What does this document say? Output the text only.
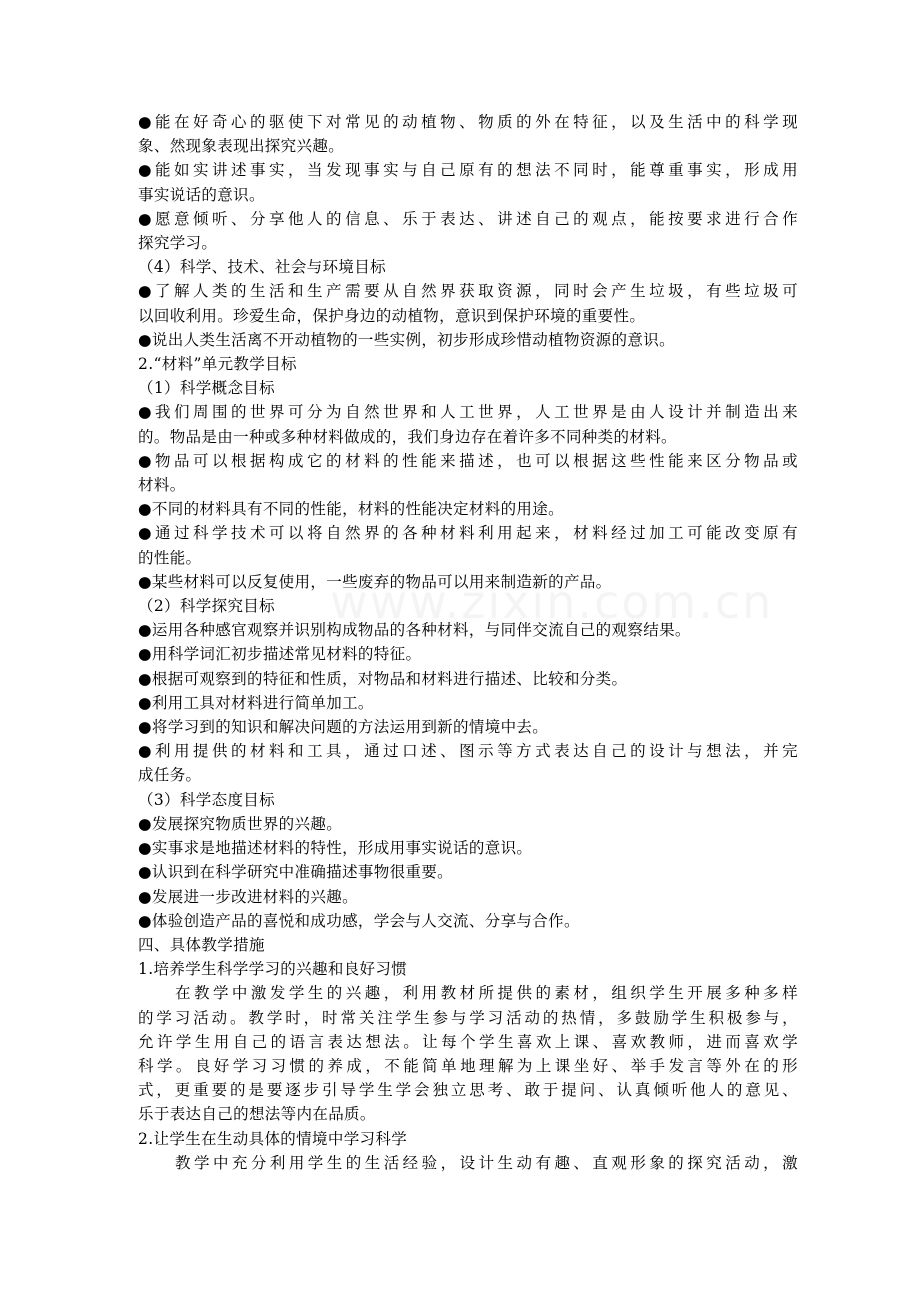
●能在好奇心的驱使下对常见的动植物、物质的外在特征，以及生活中的科学现
象、然现象表现出探究兴趣。
●能如实讲述事实，当发现事实与自己原有的想法不同时，能尊重事实，形成用
事实说话的意识。
●愿意倾听、分享他人的信息、乐于表达、讲述自己的观点，能按要求进行合作
探究学习。
（4）科学、技术、社会与环境目标
●了解人类的生活和生产需要从自然界获取资源，同时会产生垃圾，有些垃圾可
以回收利用。珍爱生命，保护身边的动植物，意识到保护环境的重要性。
●说出人类生活离不开动植物的一些实例，初步形成珍惜动植物资源的意识。
2.“材料”单元教学目标
（1）科学概念目标
●我们周围的世界可分为自然世界和人工世界，人工世界是由人设计并制造出来
的。物品是由一种或多种材料做成的，我们身边存在着许多不同种类的材料。
●物品可以根据构成它的材料的性能来描述，也可以根据这些性能来区分物品或
材料。
●不同的材料具有不同的性能，材料的性能决定材料的用途。
●通过科学技术可以将自然界的各种材料利用起来，材料经过加工可能改变原有
的性能。
●某些材料可以反复使用，一些废弃的物品可以用来制造新的产品。
（2）科学探究目标
●运用各种感官观察并识别构成物品的各种材料，与同伴交流自己的观察结果。
●用科学词汇初步描述常见材料的特征。
●根据可观察到的特征和性质，对物品和材料进行描述、比较和分类。
●利用工具对材料进行简单加工。
●将学习到的知识和解决问题的方法运用到新的情境中去。
●利用提供的材料和工具，通过口述、图示等方式表达自己的设计与想法，并完
成任务。
（3）科学态度目标
●发展探究物质世界的兴趣。
●实事求是地描述材料的特性，形成用事实说话的意识。
●认识到在科学研究中准确描述事物很重要。
●发展进一步改进材料的兴趣。
●体验创造产品的喜悦和成功感，学会与人交流、分享与合作。
四、具体教学措施
1.培养学生科学学习的兴趣和良好习惯
在教学中激发学生的兴趣，利用教材所提供的素材，组织学生开展多种多样
的学习活动。教学时，时常关注学生参与学习活动的热情，多鼓励学生积极参与，
允许学生用自己的语言表达想法。让每个学生喜欢上课、喜欢教师，进而喜欢学
科学。良好学习习惯的养成，不能简单地理解为上课坐好、举手发言等外在的形
式，更重要的是要逐步引导学生学会独立思考、敢于提问、认真倾听他人的意见、
乐于表达自己的想法等内在品质。
2.让学生在生动具体的情境中学习科学
教学中充分利用学生的生活经验，设计生动有趣、直观形象的探究活动，激
